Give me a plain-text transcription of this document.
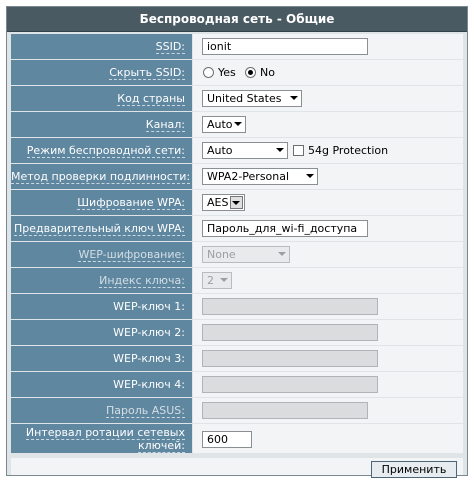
Беспроводная сеть - Общие
SSID:	ionit
Скрыть SSID:	Yes No
Код страны	United States
Канал:	Auto
Режим беспроводной сети:	Auto	54g Protection
Метод проверки подлинности:	WPA2-Personal
Шифрование WPA:	AES
Предварительный ключ WPA:	Пароль_для_wi-fi_доступа
WEP-шифрование:	None
Индекс ключа:	2
WEP-ключ 1:
WEP-ключ 2:
WEP-ключ 3:
WEP-ключ 4:
Пароль ASUS:
Интервал ротации сетевых
ключей:	600
Применить
